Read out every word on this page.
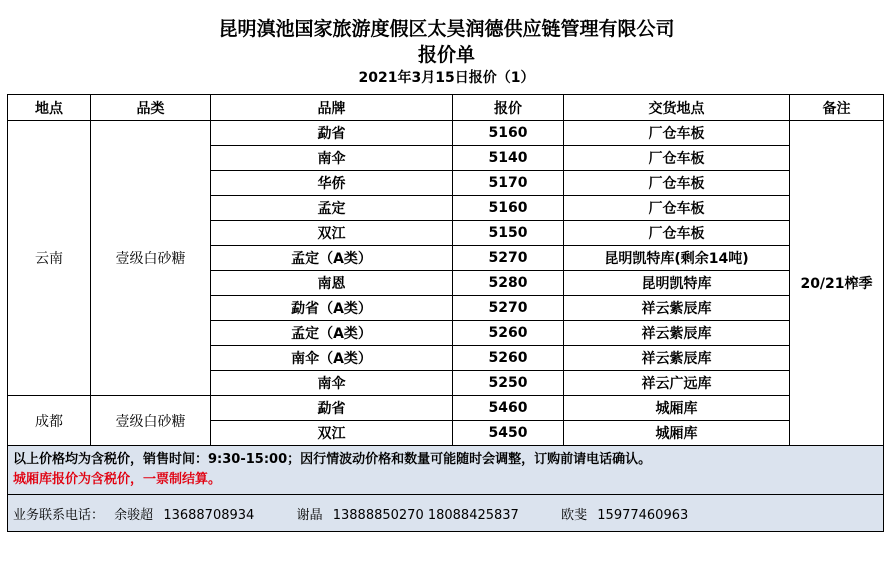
昆明滇池国家旅游度假区太昊润德供应链管理有限公司
报价单
2021年3月15日报价（1）
地点	品类	品牌	报价	交货地点	备注
云南	壹级白砂糖	勐省	5160	厂仓车板	20/21榨季
		南伞	5140	厂仓车板	
		华侨	5170	厂仓车板	
		孟定	5160	厂仓车板	
		双江	5150	厂仓车板	
		孟定（A类）	5270	昆明凯特库(剩余14吨)	
		南恩	5280	昆明凯特库	
		勐省（A类）	5270	祥云紫辰库	
		孟定（A类）	5260	祥云紫辰库	
		南伞（A类）	5260	祥云紫辰库	
		南伞	5250	祥云广远库	
成都	壹级白砂糖	勐省	5460	城厢库	
		双江	5450	城厢库	

以上价格均为含税价，销售时间：9:30-15:00；因行情波动价格和数量可能随时会调整，订购前请电话确认。
城厢库报价为含税价，一票制结算。					

业务联系电话： 余骏超 13688708934 谢晶 13888850270 18088425837 欧斐 15977460963					
